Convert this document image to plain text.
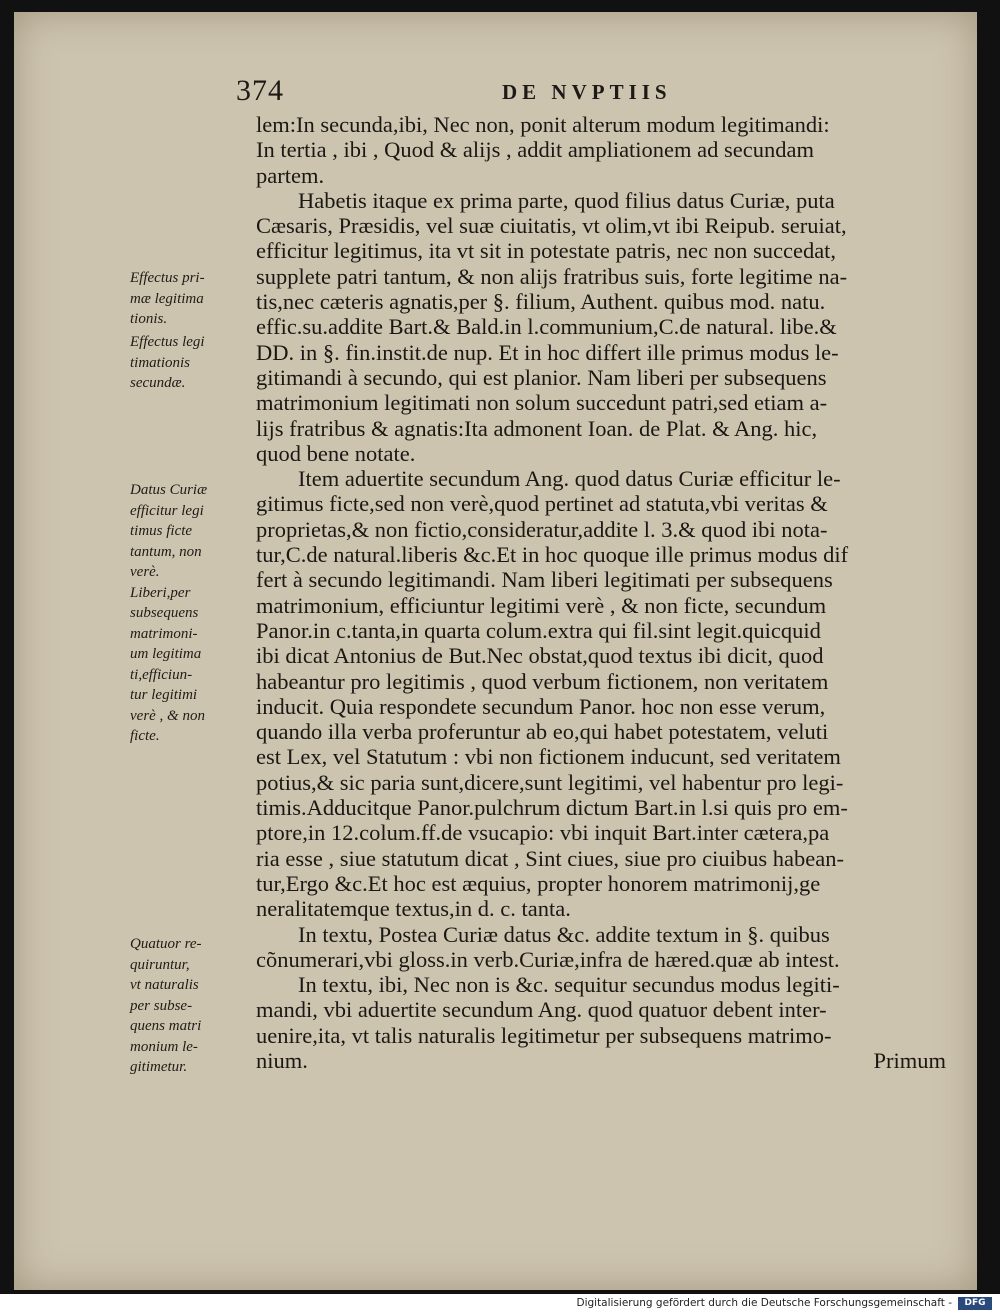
374	DE NVPTIIS
Effectus pri-
mæ legitima
tionis.
Effectus legi
timationis
secundæ.
Datus Curiæ
efficitur legi
timus ficte
tantum, non
verè.
Liberi,per
subsequens
matrimoni-
um legitima
ti,efficiun-
tur legitimi
verè , & non
ficte.
Quatuor re-
quiruntur,
vt naturalis
per subse-
quens matri
monium le-
gitimetur.
lem:In secunda,ibi, Nec non, ponit alterum modum legitimandi:
In tertia , ibi , Quod & alijs , addit ampliationem ad secundam
partem.
Habetis itaque ex prima parte, quod filius datus Curiæ, puta
Cæsaris, Præsidis, vel suæ ciuitatis, vt olim,vt ibi Reipub. seruiat,
efficitur legitimus, ita vt sit in potestate patris, nec non succedat,
supplete patri tantum, & non alijs fratribus suis, forte legitime na-
tis,nec cæteris agnatis,per §. filium, Authent. quibus mod. natu.
effic.su.addite Bart.& Bald.in l.communium,C.de natural. libe.&
DD. in §. fin.instit.de nup. Et in hoc differt ille primus modus le-
gitimandi à secundo, qui est planior. Nam liberi per subsequens
matrimonium legitimati non solum succedunt patri,sed etiam a-
lijs fratribus & agnatis:Ita admonent Ioan. de Plat. & Ang. hic,
quod bene notate.
Item aduertite secundum Ang. quod datus Curiæ efficitur le-
gitimus ficte,sed non verè,quod pertinet ad statuta,vbi veritas &
proprietas,& non fictio,consideratur,addite l. 3.& quod ibi nota-
tur,C.de natural.liberis &c.Et in hoc quoque ille primus modus dif
fert à secundo legitimandi. Nam liberi legitimati per subsequens
matrimonium, efficiuntur legitimi verè , & non ficte, secundum
Panor.in c.tanta,in quarta colum.extra qui fil.sint legit.quicquid
ibi dicat Antonius de But.Nec obstat,quod textus ibi dicit, quod
habeantur pro legitimis , quod verbum fictionem, non veritatem
inducit. Quia respondete secundum Panor. hoc non esse verum,
quando illa verba proferuntur ab eo,qui habet potestatem, veluti
est Lex, vel Statutum : vbi non fictionem inducunt, sed veritatem
potius,& sic paria sunt,dicere,sunt legitimi, vel habentur pro legi-
timis.Adducitque Panor.pulchrum dictum Bart.in l.si quis pro em-
ptore,in 12.colum.ff.de vsucapio: vbi inquit Bart.inter cætera,pa
ria esse , siue statutum dicat , Sint ciues, siue pro ciuibus habean-
tur,Ergo &c.Et hoc est æquius, propter honorem matrimonij,ge
neralitatemque textus,in d. c. tanta.
In textu, Postea Curiæ datus &c. addite textum in §. quibus
cõnumerari,vbi gloss.in verb.Curiæ,infra de hæred.quæ ab intest.
In textu, ibi, Nec non is &c. sequitur secundus modus legiti-
mandi, vbi aduertite secundum Ang. quod quatuor debent inter-
uenire,ita, vt talis naturalis legitimetur per subsequens matrimo-
nium.	Primum
Digitalisierung gefördert durch die Deutsche Forschungsgemeinschaft -	DFG
